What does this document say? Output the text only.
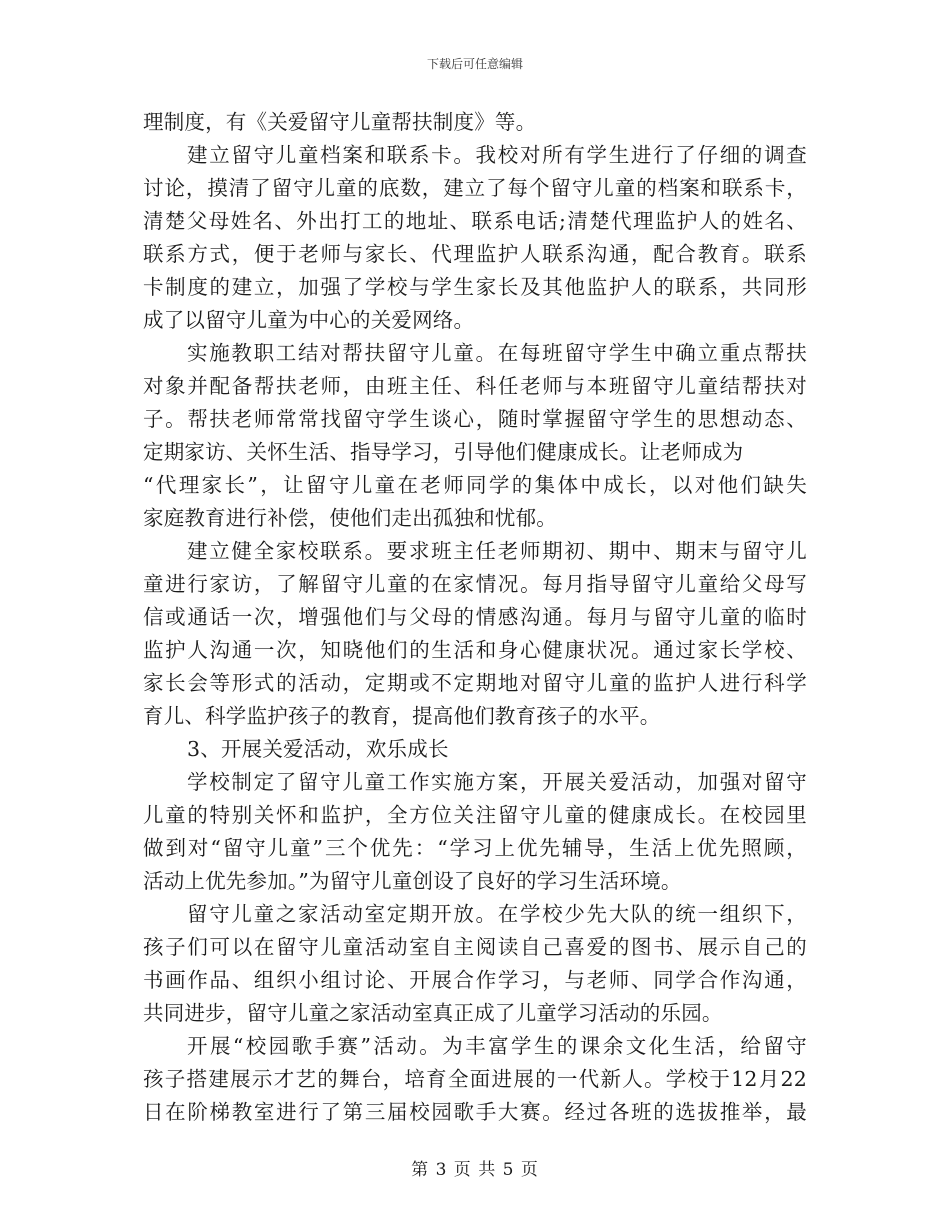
下载后可任意编辑
理制度，有《关爱留守儿童帮扶制度》等。
建立留守儿童档案和联系卡。我校对所有学生进行了仔细的调查
讨论，摸清了留守儿童的底数，建立了每个留守儿童的档案和联系卡，
清楚父母姓名、外出打工的地址、联系电话;清楚代理监护人的姓名、
联系方式，便于老师与家长、代理监护人联系沟通，配合教育。联系
卡制度的建立，加强了学校与学生家长及其他监护人的联系，共同形
成了以留守儿童为中心的关爱网络。
实施教职工结对帮扶留守儿童。在每班留守学生中确立重点帮扶
对象并配备帮扶老师，由班主任、科任老师与本班留守儿童结帮扶对
子。帮扶老师常常找留守学生谈心，随时掌握留守学生的思想动态、
定期家访、关怀生活、指导学习，引导他们健康成长。让老师成为
“代理家长”，让留守儿童在老师同学的集体中成长，以对他们缺失
家庭教育进行补偿，使他们走出孤独和忧郁。
建立健全家校联系。要求班主任老师期初、期中、期末与留守儿
童进行家访，了解留守儿童的在家情况。每月指导留守儿童给父母写
信或通话一次，增强他们与父母的情感沟通。每月与留守儿童的临时
监护人沟通一次，知晓他们的生活和身心健康状况。通过家长学校、
家长会等形式的活动，定期或不定期地对留守儿童的监护人进行科学
育儿、科学监护孩子的教育，提高他们教育孩子的水平。
3、开展关爱活动，欢乐成长
学校制定了留守儿童工作实施方案，开展关爱活动，加强对留守
儿童的特别关怀和监护，全方位关注留守儿童的健康成长。在校园里
做到对“留守儿童”三个优先：“学习上优先辅导，生活上优先照顾，
活动上优先参加。”为留守儿童创设了良好的学习生活环境。
留守儿童之家活动室定期开放。在学校少先大队的统一组织下，
孩子们可以在留守儿童活动室自主阅读自己喜爱的图书、展示自己的
书画作品、组织小组讨论、开展合作学习，与老师、同学合作沟通，
共同进步，留守儿童之家活动室真正成了儿童学习活动的乐园。
开展“校园歌手赛”活动。为丰富学生的课余文化生活，给留守
孩子搭建展示才艺的舞台，培育全面进展的一代新人。学校于12月22
日在阶梯教室进行了第三届校园歌手大赛。经过各班的选拔推举，最
第 3 页 共 5 页
